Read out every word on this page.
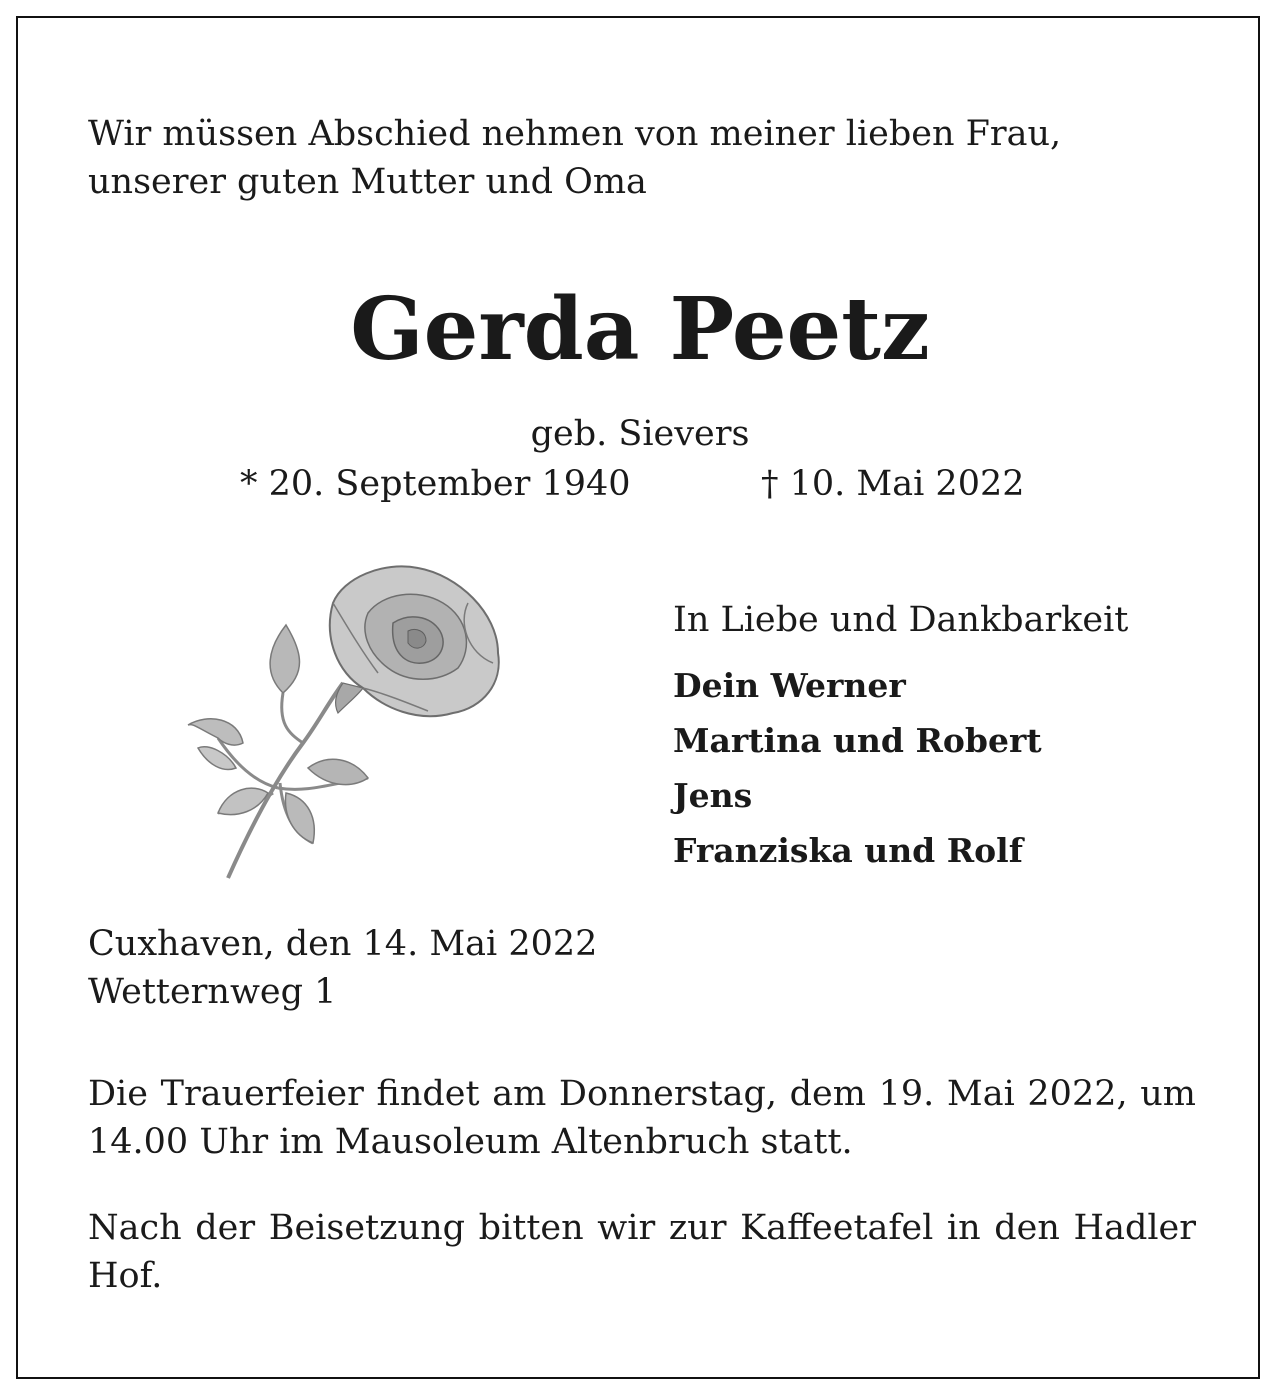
Wir müssen Abschied nehmen von meiner lieben Frau,
unserer guten Mutter und Oma
Gerda Peetz
geb. Sievers
* 20. September 1940	† 10. Mai 2022
In Liebe und Dankbarkeit
Dein Werner
Martina und Robert
Jens
Franziska und Rolf
Cuxhaven, den 14. Mai 2022
Wetternweg 1
Die Trauerfeier findet am Donnerstag, dem 19. Mai 2022, um 14.00 Uhr im Mausoleum Altenbruch statt.
Nach der Beisetzung bitten wir zur Kaffeetafel in den Hadler Hof.
